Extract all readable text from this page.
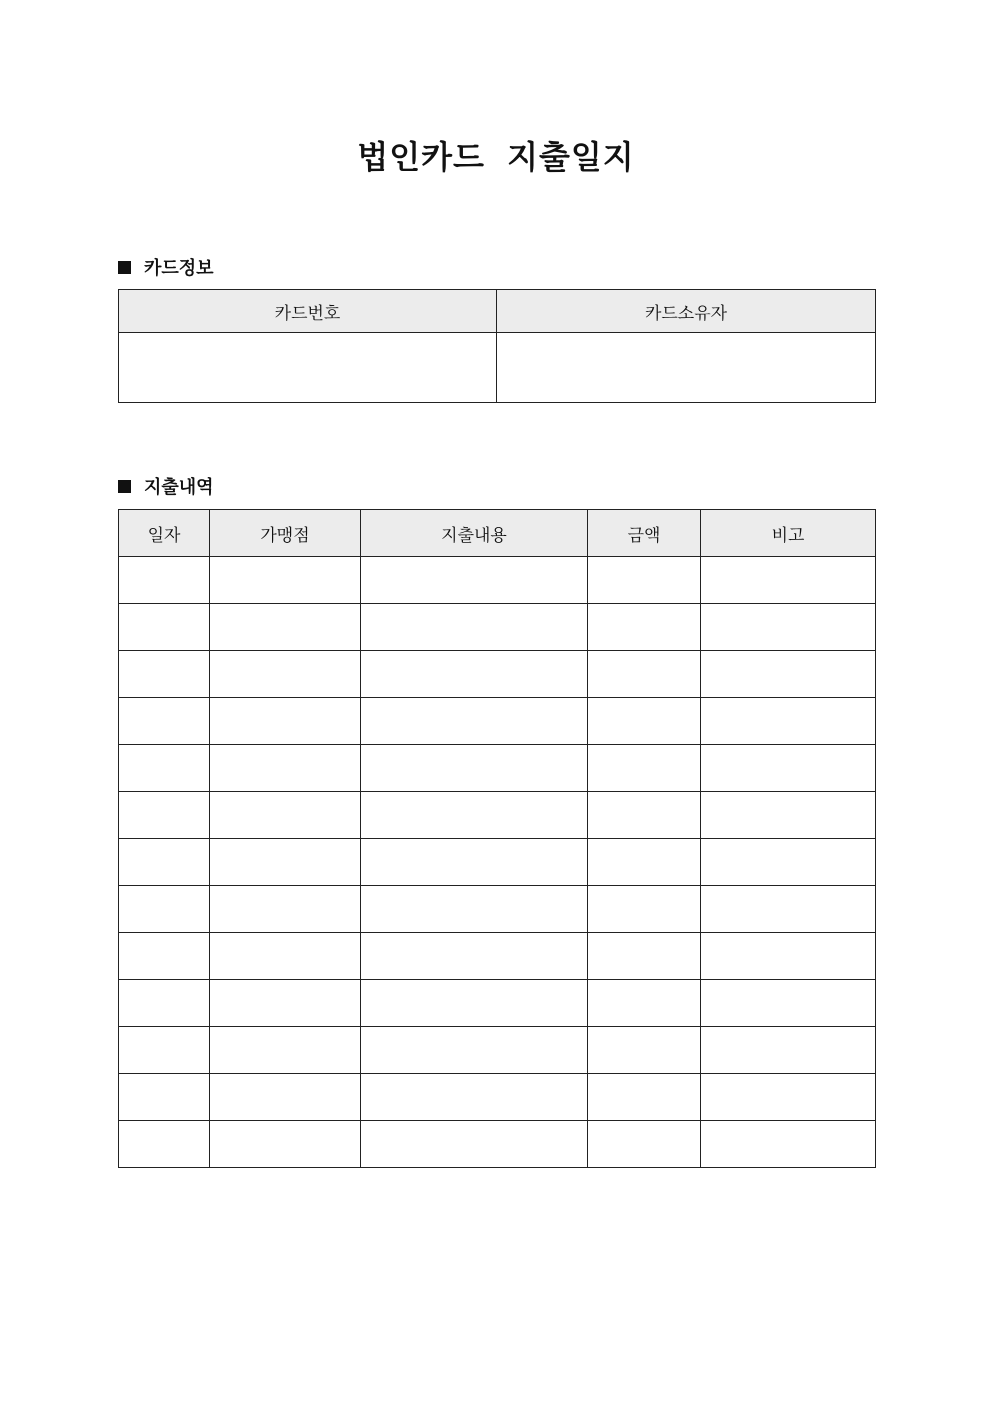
법인카드 지출일지
카드정보
카드번호	카드소유자

지출내역
일자	가맹점	지출내용	금액	비고
